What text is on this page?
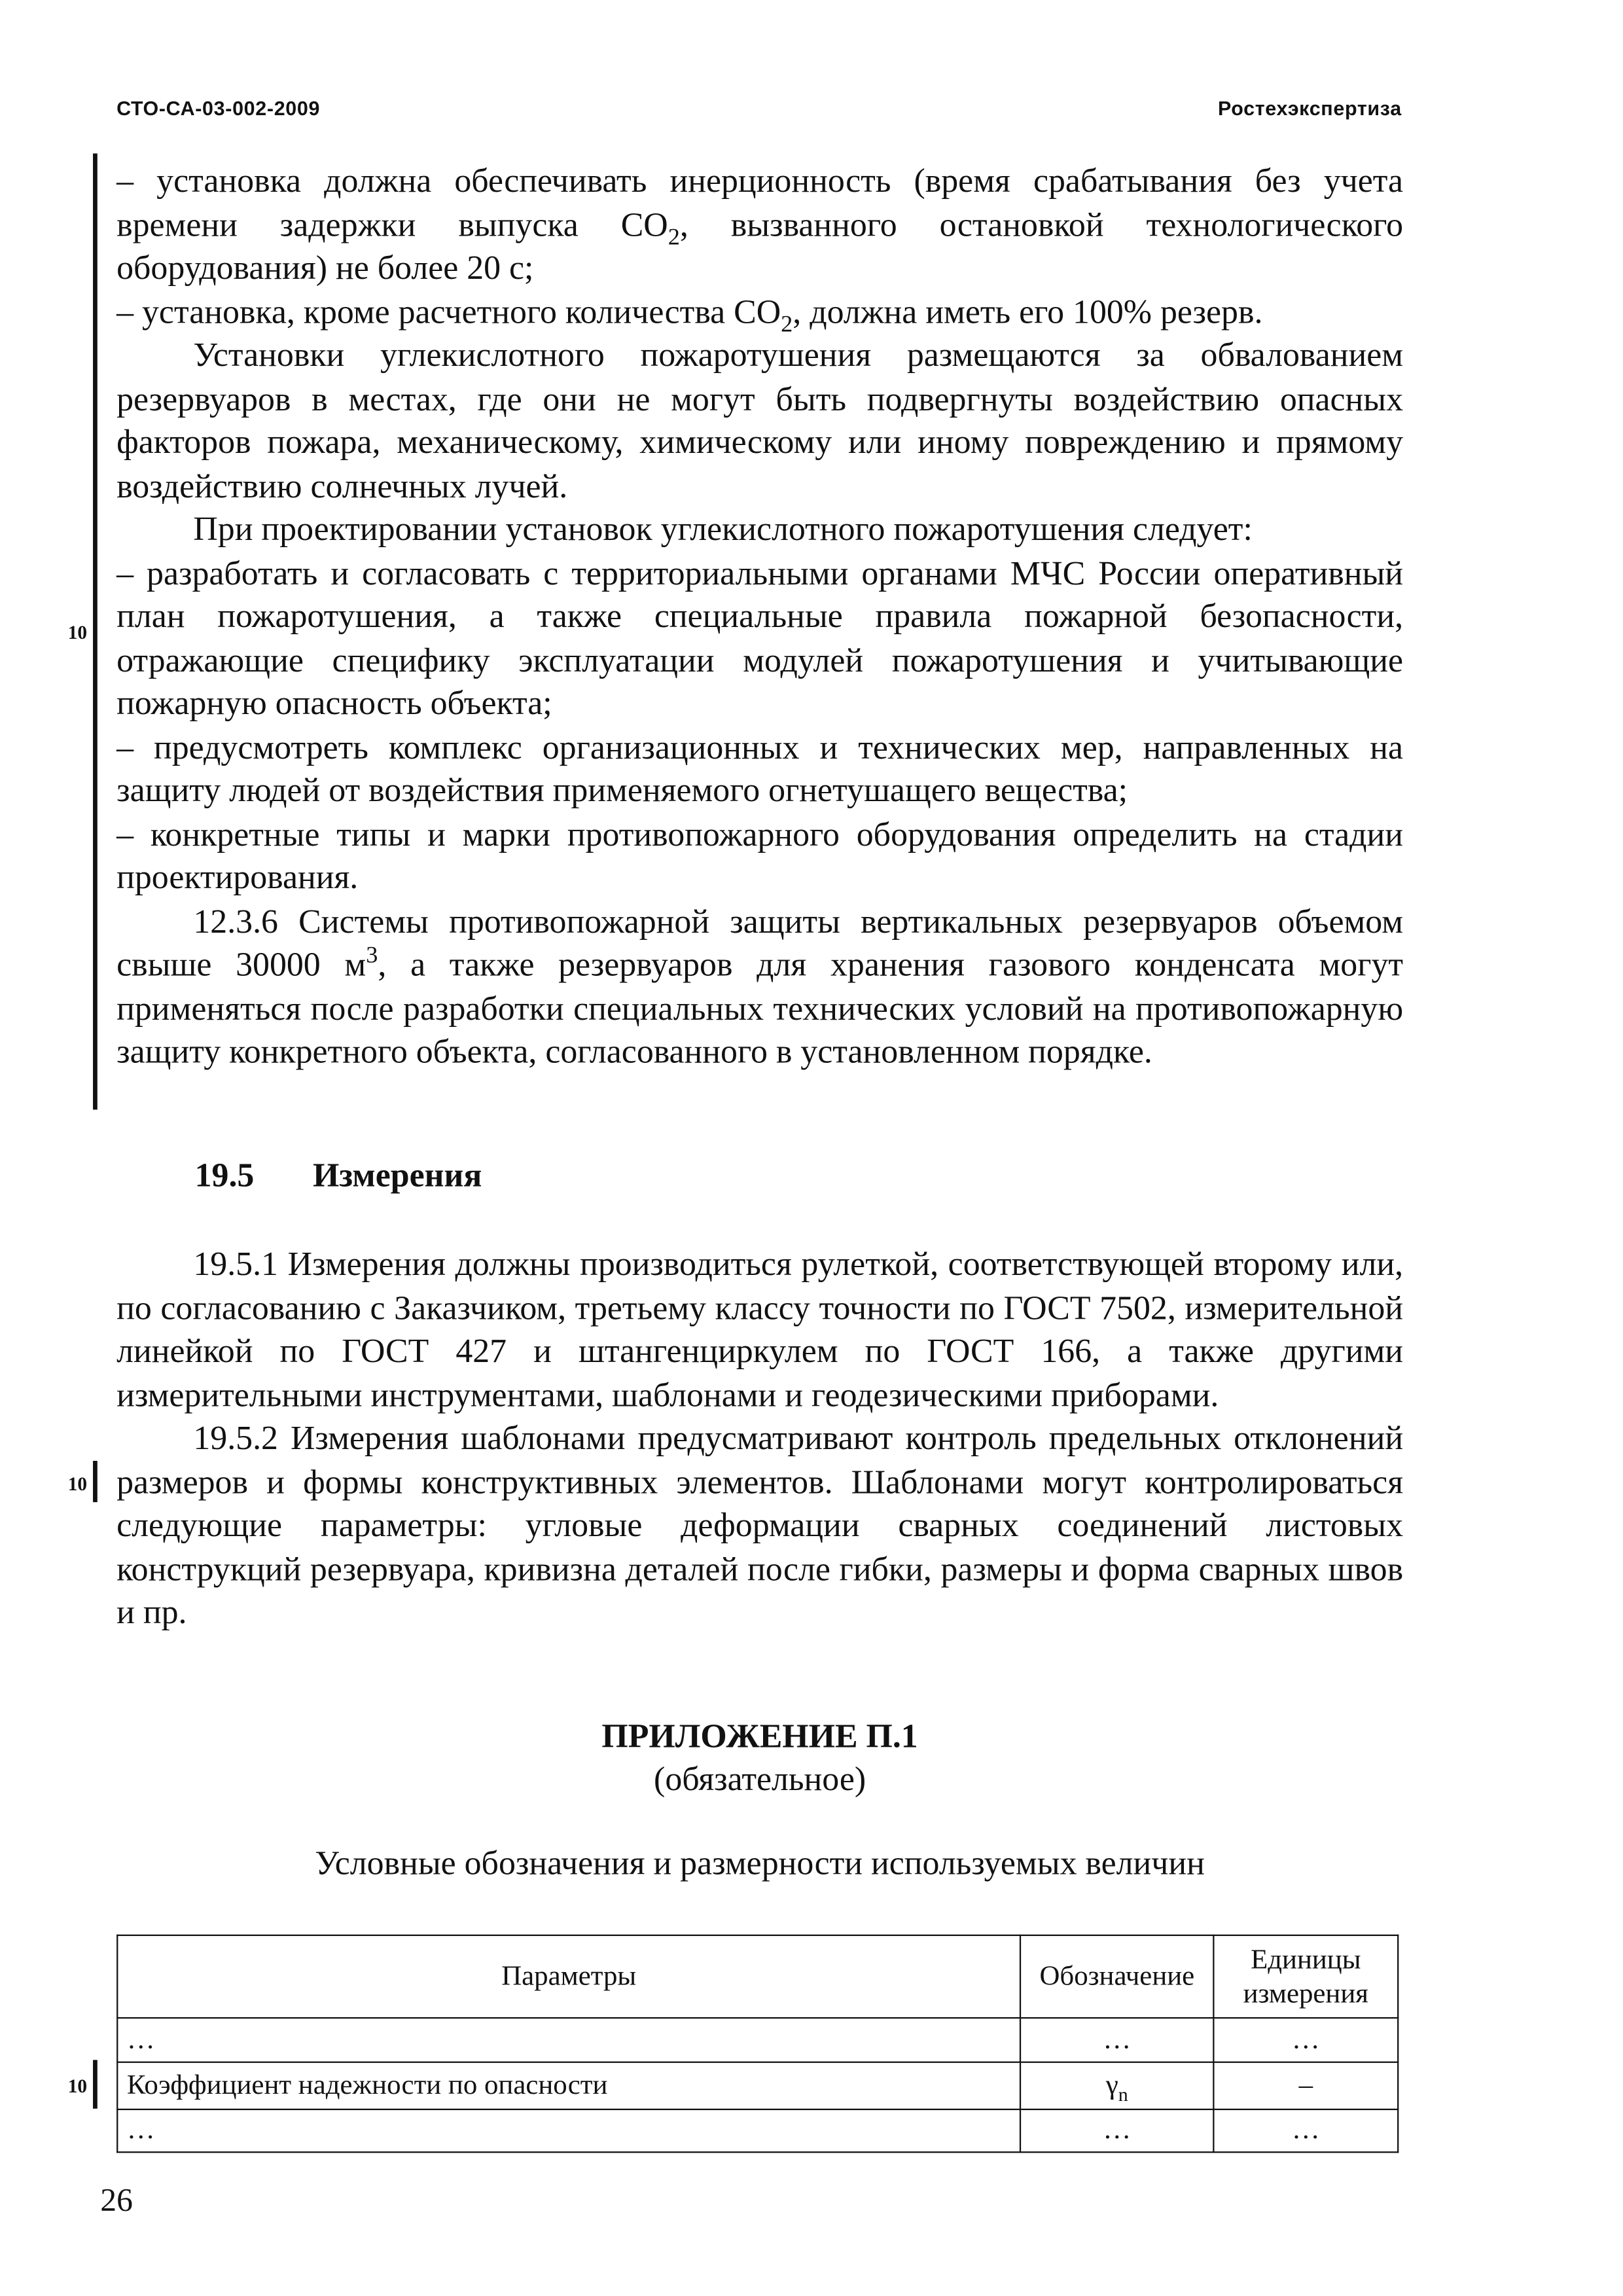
СТО-СА-03-002-2009	Ростехэкспертиза
10
10
10

– установка должна обеспечивать инерционность (время срабатывания без учета времени задержки выпуска $CO_2$, вызванного остановкой технологического оборудования) не более 20 с;

– установка, кроме расчетного количества $CO_2$, должна иметь его 100% резерв.

Установки углекислотного пожаротушения размещаются за обвалованием резервуаров в местах, где они не могут быть подвергнуты воздействию опасных факторов пожара, механическому, химическому или иному повреждению и прямому воздействию солнечных лучей.

При проектировании установок углекислотного пожаротушения следует:

– разработать и согласовать с территориальными органами МЧС России оперативный план пожаротушения, а также специальные правила пожарной безопасности, отражающие специфику эксплуатации модулей пожаротушения и учитывающие пожарную опасность объекта;

– предусмотреть комплекс организационных и технических мер, направленных на защиту людей от воздействия применяемого огнетушащего вещества;

– конкретные типы и марки противопожарного оборудования определить на стадии проектирования.

12.3.6 Системы противопожарной защиты вертикальных резервуаров объемом свыше 30000 $м^3$, а также резервуаров для хранения газового конденсата могут применяться после разработки специальных технических условий на противопожарную защиту конкретного объекта, согласованного в установленном порядке.

19.5	Измерения

19.5.1 Измерения должны производиться рулеткой, соответствующей второму или, по согласованию с Заказчиком, третьему классу точности по ГОСТ 7502, измерительной линейкой по ГОСТ 427 и штангенциркулем по ГОСТ 166, а также другими измерительными инструментами, шаблонами и геодезическими приборами.

19.5.2 Измерения шаблонами предусматривают контроль предельных отклонений размеров и формы конструктивных элементов. Шаблонами могут контролироваться следующие параметры: угловые деформации сварных соединений листовых конструкций резервуара, кривизна деталей после гибки, размеры и форма сварных швов и пр.

ПРИЛОЖЕНИЕ П.1
(обязательное)
Условные обозначения и размерности используемых величин
Параметры	Обозначение	Единицы измерения
…	…	…
Коэффициент надежности по опасности	$\gamma_n$	–
…	…	…
26
